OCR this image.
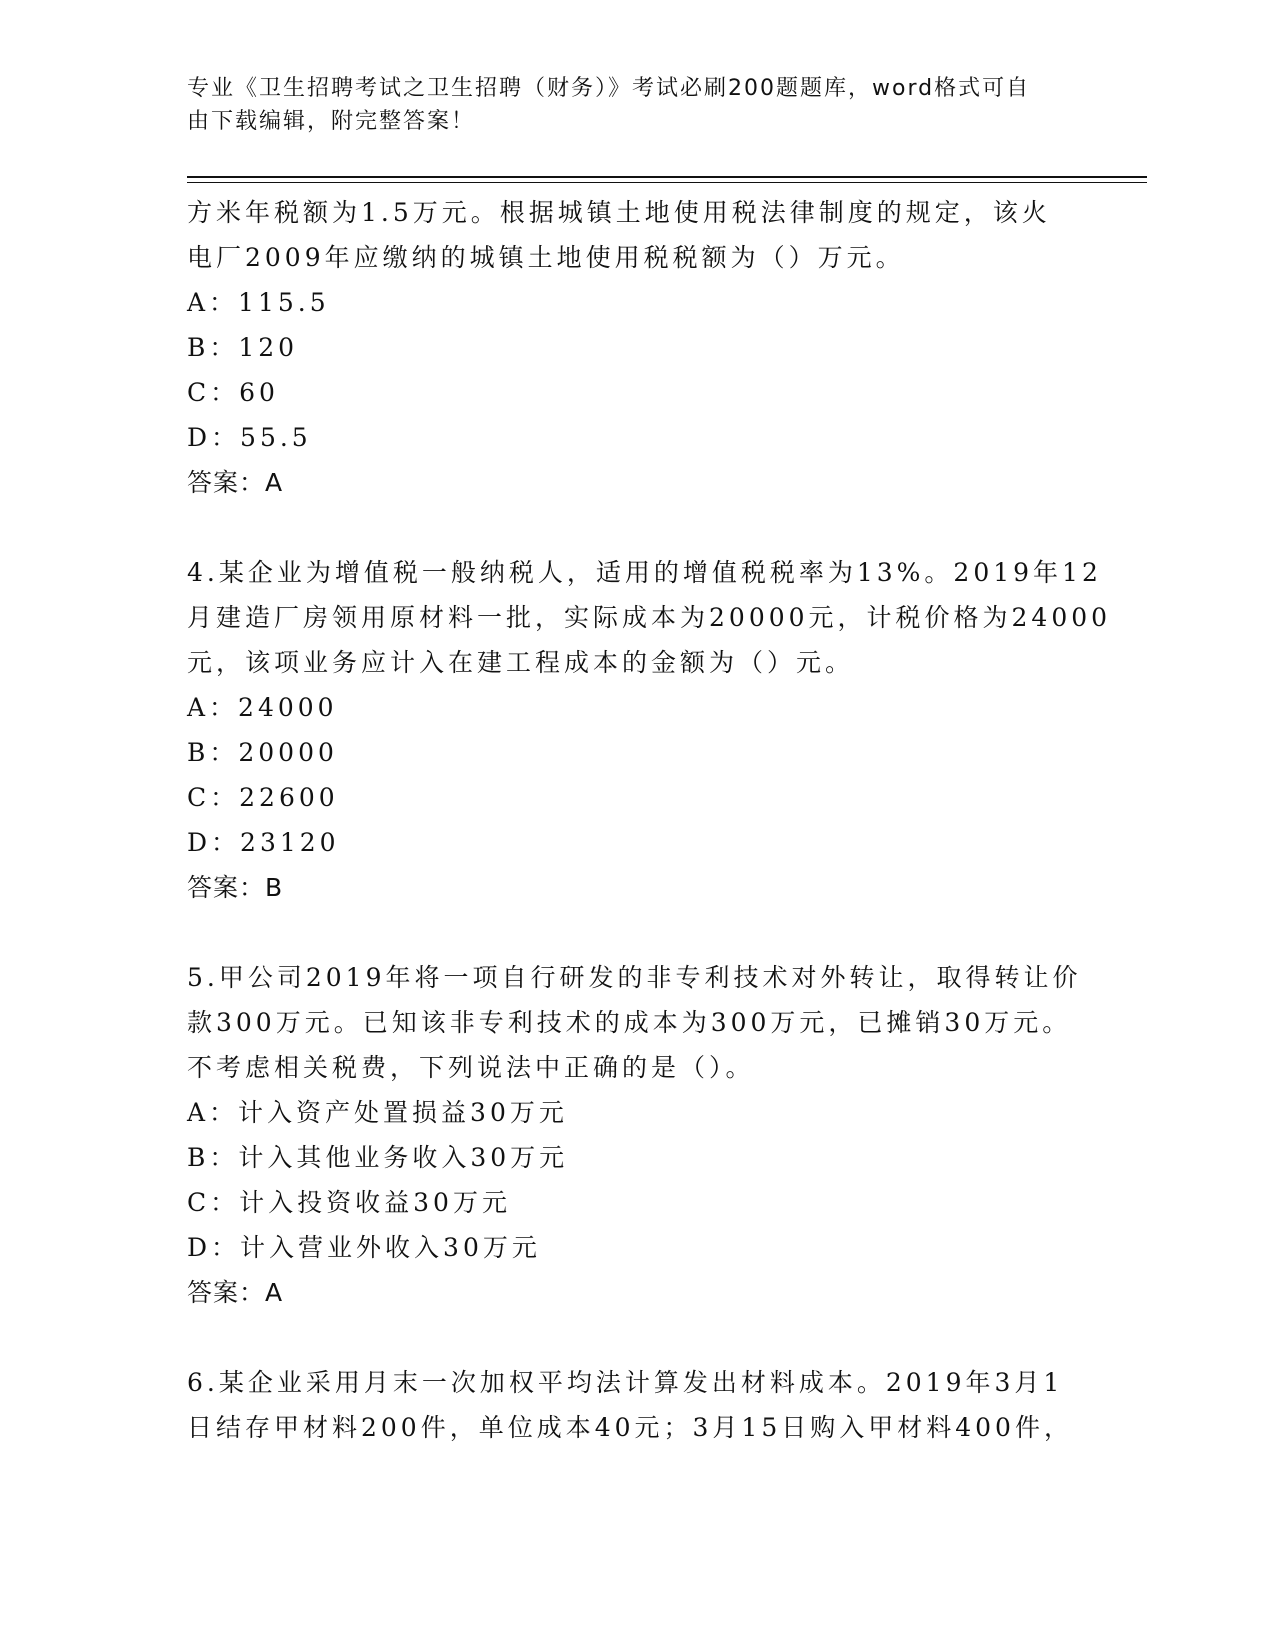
专业《卫生招聘考试之卫生招聘（财务）》考试必刷200题题库，word格式可自
由下载编辑，附完整答案！
方米年税额为1.5万元。根据城镇土地使用税法律制度的规定，该火
电厂2009年应缴纳的城镇土地使用税税额为（）万元。
A：115.5
B：120
C：60
D：55.5
答案：A
4.某企业为增值税一般纳税人，适用的增值税税率为13%。2019年12
月建造厂房领用原材料一批，实际成本为20000元，计税价格为24000
元，该项业务应计入在建工程成本的金额为（）元。
A：24000
B：20000
C：22600
D：23120
答案：B
5.甲公司2019年将一项自行研发的非专利技术对外转让，取得转让价
款300万元。已知该非专利技术的成本为300万元，已摊销30万元。
不考虑相关税费，下列说法中正确的是（）。
A：计入资产处置损益30万元
B：计入其他业务收入30万元
C：计入投资收益30万元
D：计入营业外收入30万元
答案：A
6.某企业采用月末一次加权平均法计算发出材料成本。2019年3月1
日结存甲材料200件，单位成本40元；3月15日购入甲材料400件，
